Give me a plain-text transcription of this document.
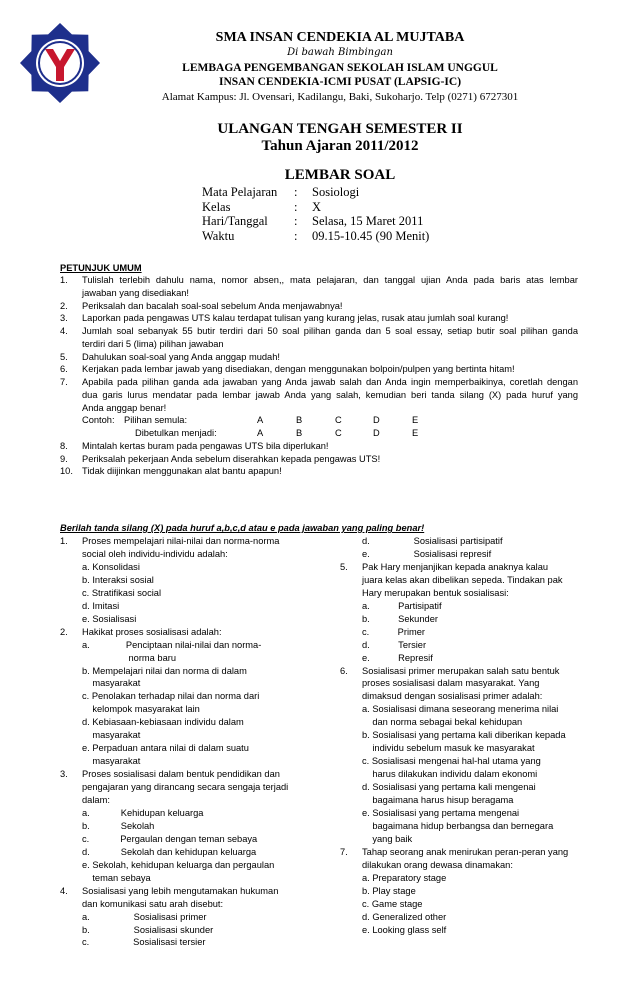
SMA INSAN CENDEKIA AL MUJTABA
Di bawah Bimbingan
LEMBAGA PENGEMBANGAN SEKOLAH ISLAM UNGGUL
INSAN CENDEKIA-ICMI PUSAT (LAPSIG-IC)
Alamat Kampus: Jl. Ovensari, Kadilangu, Baki, Sukoharjo. Telp (0271) 6727301
ULANGAN TENGAH SEMESTER II
Tahun Ajaran 2011/2012
LEMBAR SOAL
Mata Pelajaran : Sosiologi
Kelas	: X
Hari/Tanggal : Selasa, 15 Maret 2011
Waktu	: 09.15-10.45 (90 Menit)
PETUNJUK UMUM
1. Tulislah terlebih dahulu nama, nomor absen,, mata pelajaran, dan tanggal ujian Anda pada baris atas lembar
jawaban yang disediakan!
2. Periksalah dan bacalah soal-soal sebelum Anda menjawabnya!
3. Laporkan pada pengawas UTS kalau terdapat tulisan yang kurang jelas, rusak atau jumlah soal kurang!
4. Jumlah soal sebanyak 55 butir terdiri dari 50 soal pilihan ganda dan 5 soal essay, setiap butir soal pilihan ganda
terdiri dari 5 (lima) pilihan jawaban
5. Dahulukan soal-soal yang Anda anggap mudah!
6. Kerjakan pada lembar jawab yang disediakan, dengan menggunakan bolpoin/pulpen yang bertinta hitam!
7. Apabila pada pilihan ganda ada jawaban yang Anda jawab salah dan Anda ingin memperbaikinya, coretlah dengan
dua garis lurus mendatar pada lembar jawab Anda yang salah, kemudian beri tanda silang (X) pada huruf yang
Anda anggap benar!
Contoh: Pilihan semula:	A	B	C	D	E
Dibetulkan menjadi:	A	B	C	D	E
8. Mintalah kertas buram pada pengawas UTS bila diperlukan!
9. Periksalah pekerjaan Anda sebelum diserahkan kepada pengawas UTS!
10. Tidak diijinkan menggunakan alat bantu apapun!
Berilah tanda silang (X) pada huruf a,b,c,d atau e pada jawaban yang paling benar!
1. Proses mempelajari nilai-nilai dan norma-norma
social oleh individu-individu adalah:
a. Konsolidasi
b. Interaksi sosial
c. Stratifikasi social
d. Imitasi
e. Sosialisasi
2. Hakikat proses sosialisasi adalah:
a.              Penciptaan nilai-nilai dan norma-
norma baru
b. Mempelajari nilai dan norma di dalam
masyarakat
c. Penolakan terhadap nilai dan norma dari
kelompok masyarakat lain
d. Kebiasaan-kebiasaan individu dalam
masyarakat
e. Perpaduan antara nilai di dalam suatu
masyarakat
3. Proses sosialisasi dalam bentuk pendidikan dan
pengajaran yang dirancang secara sengaja terjadi
dalam:
a.            Kehidupan keluarga
b.            Sekolah
c.            Pergaulan dengan teman sebaya
d.            Sekolah dan kehidupan keluarga
e. Sekolah, kehidupan keluarga dan pergaulan
teman sebaya
4. Sosialisasi yang lebih mengutamakan hukuman
dan komunikasi satu arah disebut:
a.                 Sosialisasi primer
b.                 Sosialisasi skunder
c.                 Sosialisasi tersier
d.                 Sosialisasi partisipatif
e.                 Sosialisasi represif
5. Pak Hary menjanjikan kepada anaknya kalau
juara kelas akan dibelikan sepeda. Tindakan pak
Hary merupakan bentuk sosialisasi:
a.           Partisipatif
b.           Sekunder
c.           Primer
d.           Tersier
e.           Represif
6. Sosialisasi primer merupakan salah satu bentuk
proses sosialisasi dalam masyarakat. Yang
dimaksud dengan sosialisasi primer adalah:
a. Sosialisasi dimana seseorang menerima nilai
dan norma sebagai bekal kehidupan
b. Sosialisasi yang pertama kali diberikan kepada
individu sebelum masuk ke masyarakat
c. Sosialisasi mengenai hal-hal utama yang
harus dilakukan individu dalam ekonomi
d. Sosialisasi yang pertama kali mengenai
bagaimana harus hisup beragama
e. Sosialisasi yang pertama mengenai
bagaimana hidup berbangsa dan bernegara
yang baik
7. Tahap seorang anak menirukan peran-peran yang
dilakukan orang dewasa dinamakan:
a. Preparatory stage
b. Play stage
c. Game stage
d. Generalized other
e. Looking glass self
